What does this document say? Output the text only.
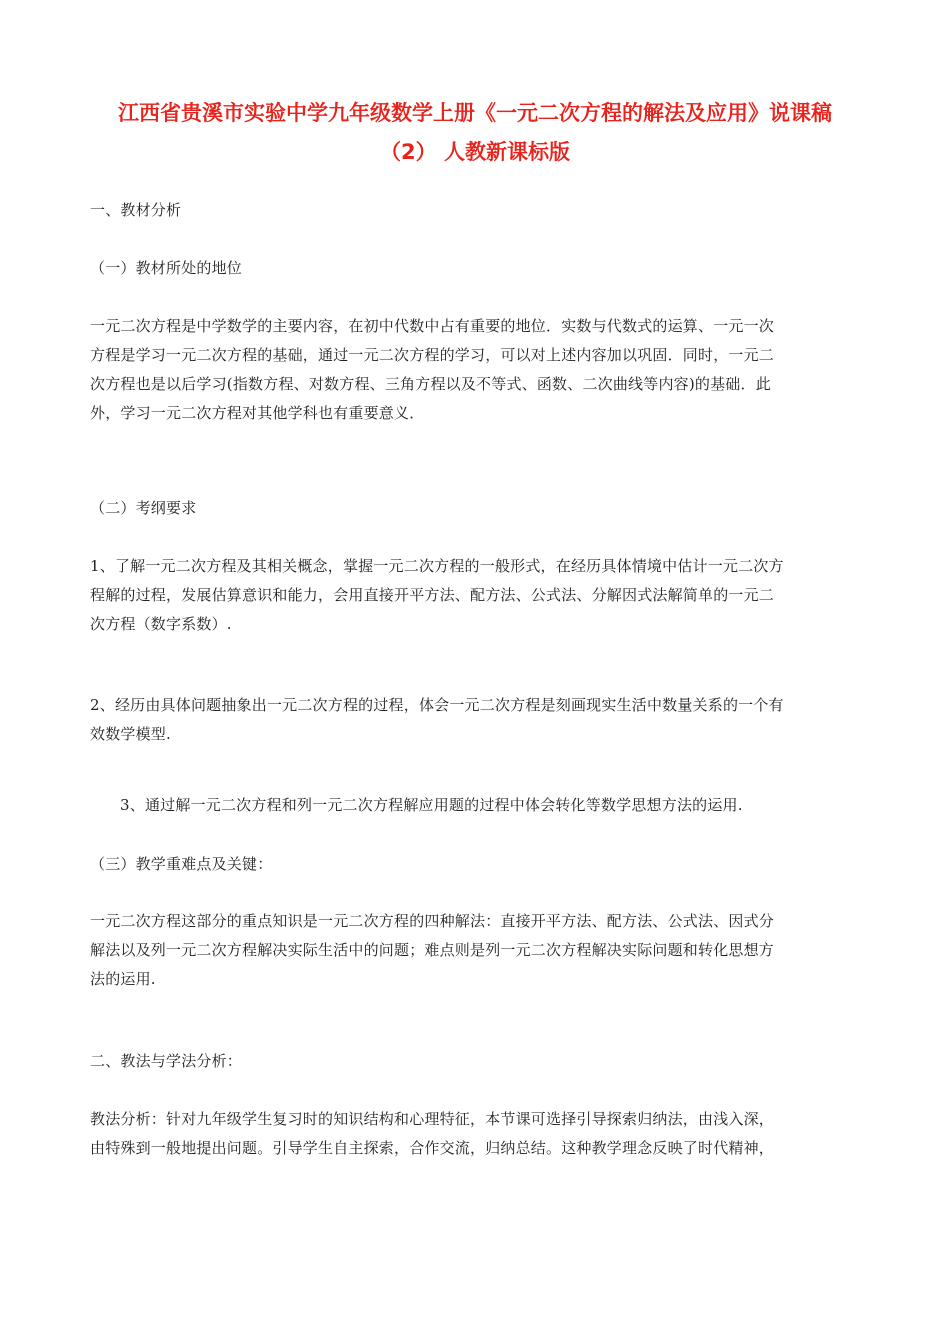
江西省贵溪市实验中学九年级数学上册《一元二次方程的解法及应用》说课稿
（2） 人教新课标版
一、教材分析
（一）教材所处的地位
一元二次方程是中学数学的主要内容，在初中代数中占有重要的地位．实数与代数式的运算、一元一次
方程是学习一元二次方程的基础，通过一元二次方程的学习，可以对上述内容加以巩固．同时，一元二
次方程也是以后学习(指数方程、对数方程、三角方程以及不等式、函数、二次曲线等内容)的基础．此
外，学习一元二次方程对其他学科也有重要意义．
（二）考纲要求
1、了解一元二次方程及其相关概念，掌握一元二次方程的一般形式，在经历具体情境中估计一元二次方
程解的过程，发展估算意识和能力，会用直接开平方法、配方法、公式法、分解因式法解简单的一元二
次方程（数字系数）.
2、经历由具体问题抽象出一元二次方程的过程，体会一元二次方程是刻画现实生活中数量关系的一个有
效数学模型.
3、通过解一元二次方程和列一元二次方程解应用题的过程中体会转化等数学思想方法的运用.
（三）教学重难点及关键：
一元二次方程这部分的重点知识是一元二次方程的四种解法：直接开平方法、配方法、公式法、因式分
解法以及列一元二次方程解决实际生活中的问题；难点则是列一元二次方程解决实际问题和转化思想方
法的运用.
二、教法与学法分析：
教法分析：针对九年级学生复习时的知识结构和心理特征，本节课可选择引导探索归纳法，由浅入深，
由特殊到一般地提出问题。引导学生自主探索，合作交流，归纳总结。这种教学理念反映了时代精神，
